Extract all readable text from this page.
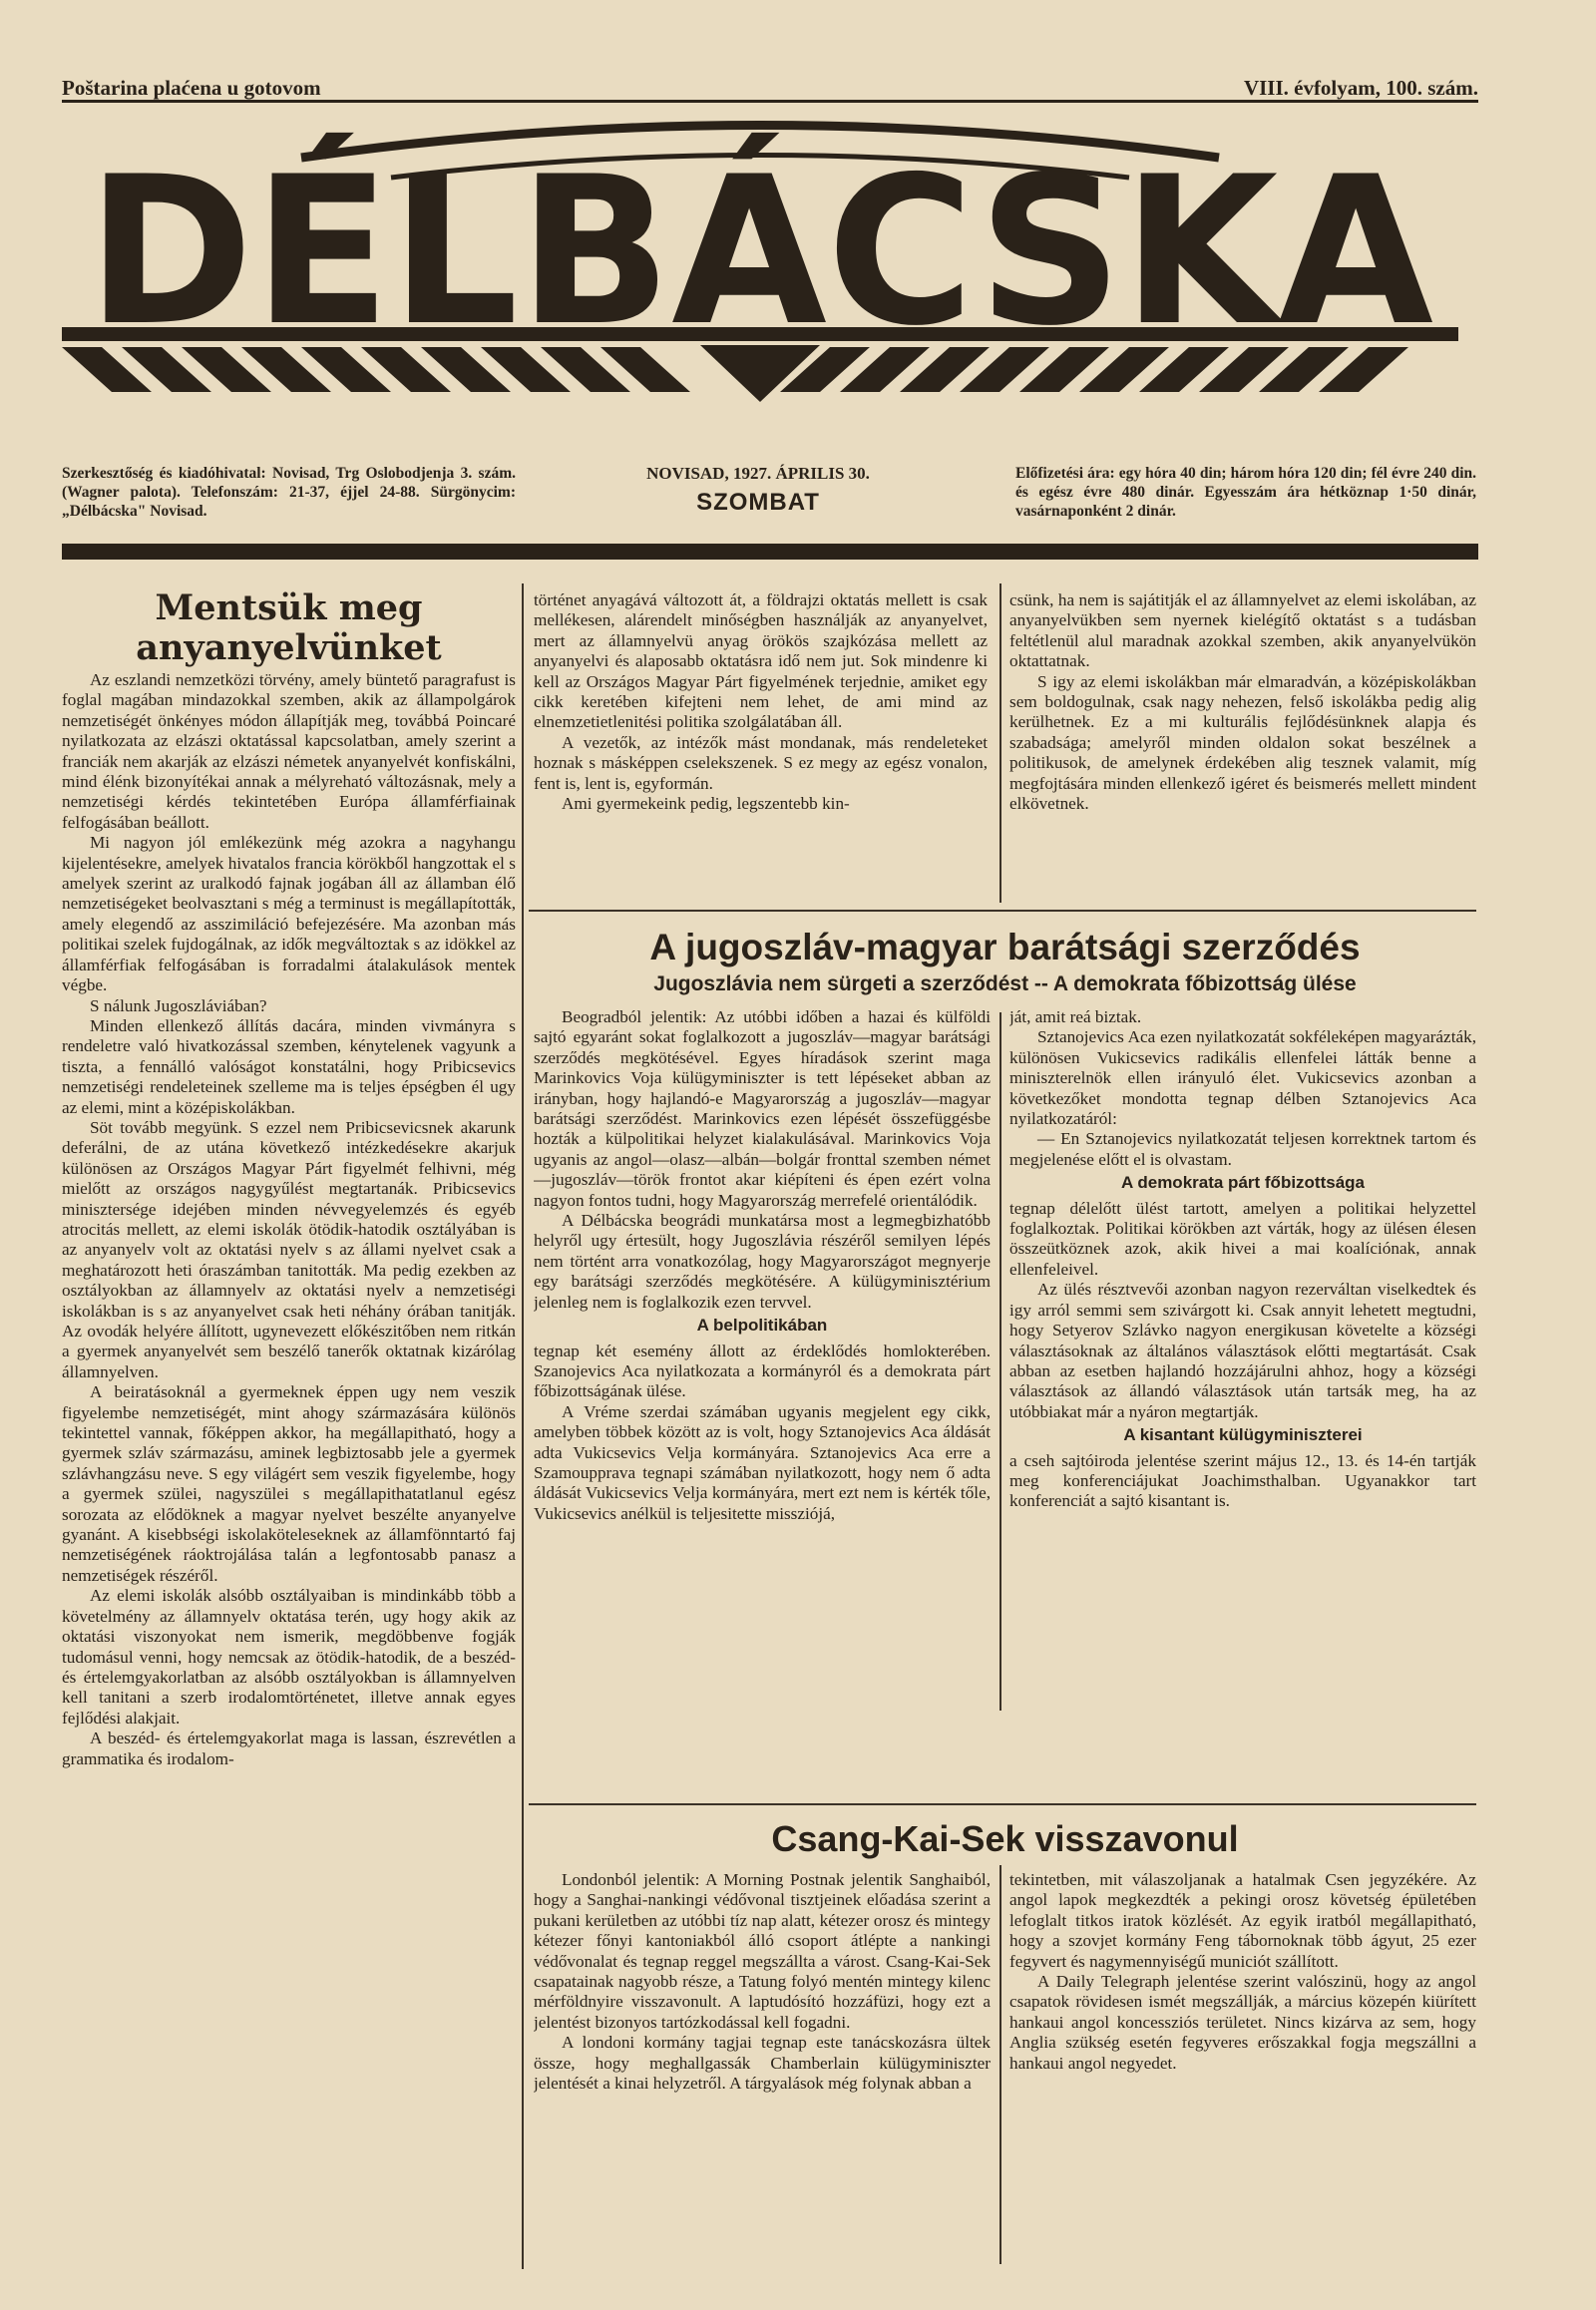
Poštarina plaćena u gotovom	VIII. évfolyam, 100. szám.
DÉLBÁCSKA
Szerkesztőség és kiadóhivatal: Novisad, Trg Oslobodjenja 3. szám. (Wagner palota). Telefonszám: 21-37, éjjel 24-88. Sürgönycim: „Délbácska" Novisad.
NOVISAD, 1927. ÁPRILIS 30.
SZOMBAT
Előfizetési ára: egy hóra 40 din; három hóra 120 din; fél évre 240 din. és egész évre 480 dinár. Egyesszám ára hétköznap 1·50 dinár, vasárnaponként 2 dinár.
Mentsük meg anyanyelvünket

Az eszlandi nemzetközi törvény, amely büntető paragrafust is foglal magában mindazokkal szemben, akik az állampolgárok nemzetiségét önkényes módon állapítják meg, továbbá Poincaré nyilatkozata az elzászi oktatással kapcsolatban, amely szerint a franciák nem akarják az elzászi németek anyanyelvét konfiskálni, mind élénk bizonyítékai annak a mélyreható változásnak, mely a nemzetiségi kérdés tekintetében Európa államférfiainak felfogásában beállott.

Mi nagyon jól emlékezünk még azokra a nagyhangu kijelentésekre, amelyek hivatalos francia körökből hangzottak el s amelyek szerint az uralkodó fajnak jogában áll az államban élő nemzetiségeket beolvasztani s még a terminust is megállapították, amely elegendő az asszimiláció befejezésére. Ma azonban más politikai szelek fujdogálnak, az idők megváltoztak s az idökkel az államférfiak felfogásában is forradalmi átalakulások mentek végbe.

S nálunk Jugoszláviában?

Minden ellenkező állítás dacára, minden vivmányra s rendeletre való hivatkozással szemben, kénytelenek vagyunk a tiszta, a fennálló valóságot konstatálni, hogy Pribicsevics nemzetiségi rendeleteinek szelleme ma is teljes épségben él ugy az elemi, mint a középiskolákban.

Söt tovább megyünk. S ezzel nem Pribicsevicsnek akarunk deferálni, de az utána következő intézkedésekre akarjuk különösen az Országos Magyar Párt figyelmét felhivni, még mielőtt az országos nagygyűlést megtartanák. Pribicsevics minisztersége idejében minden névvegyelemzés és egyéb atrocitás mellett, az elemi iskolák ötödik-hatodik osztályában is az anyanyelv volt az oktatási nyelv s az állami nyelvet csak a meghatározott heti óraszámban tanitották. Ma pedig ezekben az osztályokban az államnyelv az oktatási nyelv a nemzetiségi iskolákban is s az anyanyelvet csak heti néhány órában tanitják. Az ovodák helyére állított, ugynevezett előkészitőben nem ritkán a gyermek anyanyelvét sem beszélő tanerők oktatnak kizárólag államnyelven.

A beiratásoknál a gyermeknek éppen ugy nem veszik figyelembe nemzetiségét, mint ahogy származására különös tekintettel vannak, főképpen akkor, ha megállapitható, hogy a gyermek szláv származásu, aminek legbiztosabb jele a gyermek szlávhangzásu neve. S egy világért sem veszik figyelembe, hogy a gyermek szülei, nagyszülei s megállapithatatlanul egész sorozata az elődöknek a magyar nyelvet beszélte anyanyelve gyanánt. A kisebbségi iskolaköteleseknek az államfönntartó faj nemzetiségének ráoktrojálása talán a legfontosabb panasz a nemzetiségek részéről.

Az elemi iskolák alsóbb osztályaiban is mindinkább több a követelmény az államnyelv oktatása terén, ugy hogy akik az oktatási viszonyokat nem ismerik, megdöbbenve fogják tudomásul venni, hogy nemcsak az ötödik-hatodik, de a beszéd- és értelemgyakorlatban az alsóbb osztályokban is államnyelven kell tanitani a szerb irodalomtörténetet, illetve annak egyes fejlődési alakjait.

A beszéd- és értelemgyakorlat maga is lassan, észrevétlen a grammatika és irodalom-

történet anyagává változott át, a földrajzi oktatás mellett is csak mellékesen, alárendelt minőségben használják az anyanyelvet, mert az államnyelvü anyag örökös szajkózása mellett az anyanyelvi és alaposabb oktatásra idő nem jut. Sok mindenre ki kell az Országos Magyar Párt figyelmének terjednie, amiket egy cikk keretében kifejteni nem lehet, de ami mind az elnemzetietlenitési politika szolgálatában áll.

A vezetők, az intézők mást mondanak, más rendeleteket hoznak s másképpen cselekszenek. S ez megy az egész vonalon, fent is, lent is, egyformán.

Ami gyermekeink pedig, legszentebb kin-

csünk, ha nem is sajátitják el az államnyelvet az elemi iskolában, az anyanyelvükben sem nyernek kielégítő oktatást s a tudásban feltétlenül alul maradnak azokkal szemben, akik anyanyelvükön oktattatnak.

S igy az elemi iskolákban már elmaradván, a középiskolákban sem boldogulnak, csak nagy nehezen, felső iskolákba pedig alig kerülhetnek. Ez a mi kulturális fejlődésünknek alapja és szabadsága; amelyről minden oldalon sokat beszélnek a politikusok, de amelynek érdekében alig tesznek valamit, míg megfojtására minden ellenkező igéret és beismerés mellett mindent elkövetnek.

A jugoszláv-magyar barátsági szerződés
Jugoszlávia nem sürgeti a szerződést -- A demokrata főbizottság ülése

Beogradból jelentik: Az utóbbi időben a hazai és külföldi sajtó egyaránt sokat foglalkozott a jugoszláv—magyar barátsági szerződés megkötésével. Egyes híradások szerint maga Marinkovics Voja külügyminiszter is tett lépéseket abban az irányban, hogy hajlandó-e Magyarország a jugoszláv—magyar barátsági szerződést. Marinkovics ezen lépését összefüggésbe hozták a külpolitikai helyzet kialakulásával. Marinkovics Voja ugyanis az angol—olasz—albán—bolgár fronttal szemben német—jugoszláv—török frontot akar kiépíteni és épen ezért volna nagyon fontos tudni, hogy Magyarország merrefelé orientálódik.

A Délbácska beográdi munkatársa most a legmegbizhatóbb helyről ugy értesült, hogy Jugoszlávia részéről semilyen lépés nem történt arra vonatkozólag, hogy Magyarországot megnyerje egy barátsági szerződés megkötésére. A külügyminisztérium jelenleg nem is foglalkozik ezen tervvel.

A belpolitikában

tegnap két esemény állott az érdeklődés homlokterében. Szanojevics Aca nyilatkozata a kormányról és a demokrata párt főbizottságának ülése.

A Vréme szerdai számában ugyanis megjelent egy cikk, amelyben többek között az is volt, hogy Sztanojevics Aca áldását adta Vukicsevics Velja kormányára. Sztanojevics Aca erre a Szamouppravа tegnapi számában nyilatkozott, hogy nem ő adta áldását Vukicsevics Velja kormányára, mert ezt nem is kérték tőle, Vukicsevics anélkül is teljesitette missziójá,

ját, amit reá biztak.

Sztanojevics Aca ezen nyilatkozatát sokféleképen magyarázták, különösen Vukicsevics radikális ellenfelei látták benne a miniszterelnök ellen irányuló élet. Vukicsevics azonban a következőket mondotta tegnap délben Sztanojevics Aca nyilatkozatáról:

— En Sztanojevics nyilatkozatát teljesen korrektnek tartom és megjelenése előtt el is olvastam.

A demokrata párt főbizottsága

tegnap délelőtt ülést tartott, amelyen a politikai helyzettel foglalkoztak. Politikai körökben azt várták, hogy az ülésen élesen összeütköznek azok, akik hivei a mai koalíciónak, annak ellenfeleivel.

Az ülés résztvevői azonban nagyon rezerváltan viselkedtek és igy arról semmi sem szivárgott ki. Csak annyit lehetett megtudni, hogy Setyerov Szlávko nagyon energikusan követelte a községi választásoknak az általános választások előtti megtartását. Csak abban az esetben hajlandó hozzájárulni ahhoz, hogy a községi választások az állandó választások után tartsák meg, ha az utóbbiakat már a nyáron megtartják.

A kisantant külügyminiszterei

a cseh sajtóiroda jelentése szerint május 12., 13. és 14-én tartják meg konferenciájukat Joachimsthalban. Ugyanakkor tart konferenciát a sajtó kisantant is.

Csang-Kai-Sek visszavonul

Londonból jelentik: A Morning Postnak jelentik Sanghaiból, hogy a Sanghai-nankingi védővonal tisztjeinek előadása szerint a pukani kerületben az utóbbi tíz nap alatt, kétezer orosz és mintegy kétezer főnyi kantoniakból álló csoport átlépte a nankingi védővonalat és tegnap reggel megszállta a várost. Csang-Kai-Sek csapatainak nagyobb része, a Tatung folyó mentén mintegy kilenc mérföldnyire visszavonult. A laptudósító hozzáfüzi, hogy ezt a jelentést bizonyos tartózkodással kell fogadni.

A londoni kormány tagjai tegnap este tanácskozásra ültek össze, hogy meghallgassák Chamberlain külügyminiszter jelentését a kinai helyzetről. A tárgyalások még folynak abban a

tekintetben, mit válaszoljanak a hatalmak Csen jegyzékére. Az angol lapok megkezdték a pekingi orosz követség épületében lefoglalt titkos iratok közlését. Az egyik iratból megállapitható, hogy a szovjet kormány Feng tábornoknak több ágyut, 25 ezer fegyvert és nagymennyiségű municiót szállított.

A Daily Telegraph jelentése szerint valószinü, hogy az angol csapatok rövidesen ismét megszállják, a március közepén kiürített hankaui angol koncessziós területet. Nincs kizárva az sem, hogy Anglia szükség esetén fegyveres erőszakkal fogja megszállni a hankaui angol negyedet.
